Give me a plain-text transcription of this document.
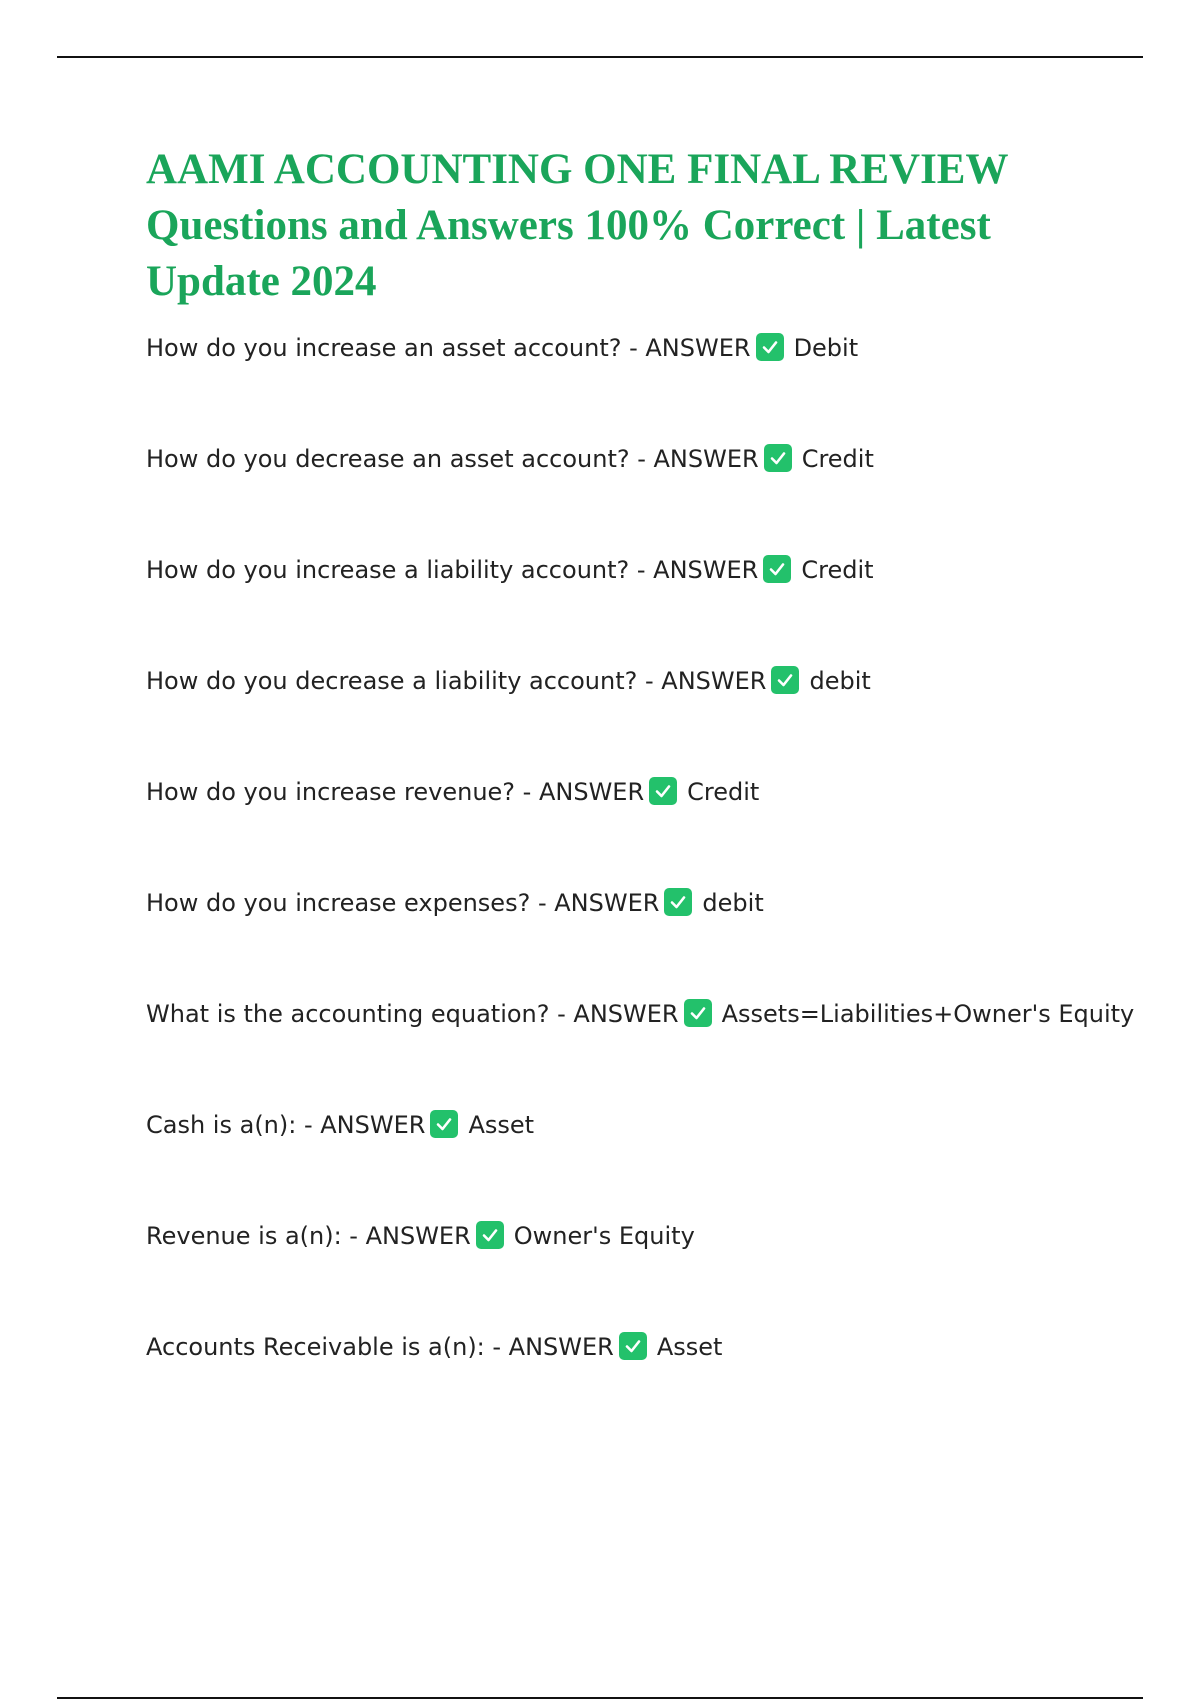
AAMI ACCOUNTING ONE FINAL REVIEW Questions and Answers 100% Correct | Latest Update 2024
How do you increase an asset account? - ANSWER Debit
How do you decrease an asset account? - ANSWER Credit
How do you increase a liability account? - ANSWER Credit
How do you decrease a liability account? - ANSWER debit
How do you increase revenue? - ANSWER Credit
How do you increase expenses? - ANSWER debit
What is the accounting equation? - ANSWER Assets=Liabilities+Owner's Equity
Cash is a(n): - ANSWER Asset
Revenue is a(n): - ANSWER Owner's Equity
Accounts Receivable is a(n): - ANSWER Asset
